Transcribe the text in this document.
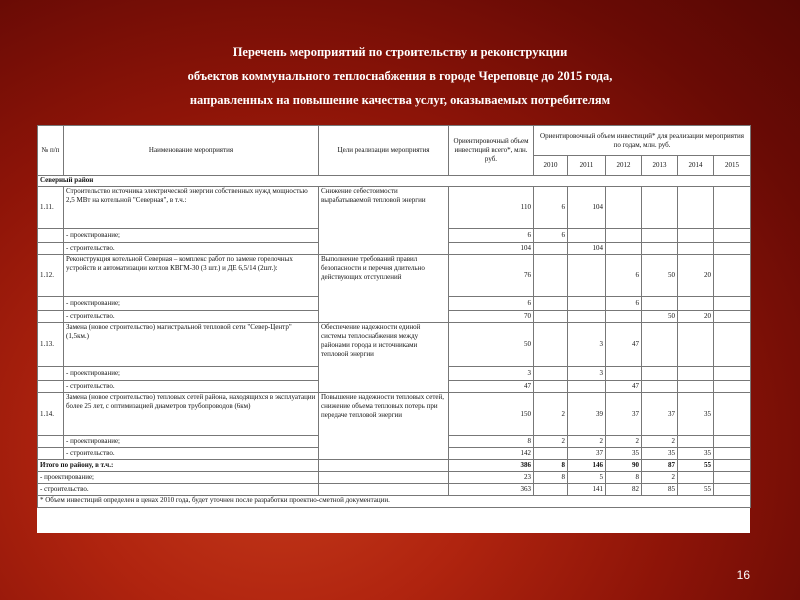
Перечень мероприятий по строительству и реконструкции
объектов коммунального теплоснабжения в городе Череповце до 2015 года,
направленных на повышение качества услуг, оказываемых потребителям
№ п/п	Наименование мероприятия	Цели реализации мероприятия	Ориентировочный объем инвестиций всего*, млн. руб.	Ориентировочный объем инвестиций* для реализации мероприятия по годам, млн. руб.					
				2010	2011	2012	2013	2014	2015
Северный район									
1.11.	Строительство источника электрической энергии собственных нужд мощностью 2,5 МВт на котельной "Северная", в т.ч.:	Снижение себестоимости вырабатываемой тепловой энергии	110	6	104				
	- проектирование;		6	6					
	- строительство.		104		104				
1.12.	Реконструкция котельной Северная – комплекс работ по замене горелочных устройств и автоматизации котлов КВГМ-30 (3 шт.) и ДЕ 6,5/14 (2шт.):	Выполнение требований правил безопасности и перечня длительно действующих отступлений	76			6	50	20	
	- проектирование;		6			6			
	- строительство.		70				50	20	
1.13.	Замена (новое строительство) магистральной тепловой сети "Север-Центр" (1,5км.)	Обеспечение надежности единой системы теплоснабжения между районами города и источниками тепловой энергии	50		3	47			
	- проектирование;		3		3				
	- строительство.		47			47			
1.14.	Замена (новое строительство) тепловых сетей района, находящихся в эксплуатации более 25 лет, с оптимизацией диаметров трубопроводов (6км)	Повышение надежности тепловых сетей, снижение объема тепловых потерь при передаче тепловой энергии	150	2	39	37	37	35	
	- проектирование;		8	2	2	2	2		
	- строительство.		142		37	35	35	35	
Итого по району, в т.ч.:			386	8	146	90	87	55	
- проектирование;			23	8	5	8	2		
- строительство.			363		141	82	85	55	
* Объем инвестиций определен в ценах 2010 года, будет уточнен после разработки проектно-сметной документации.									
16
